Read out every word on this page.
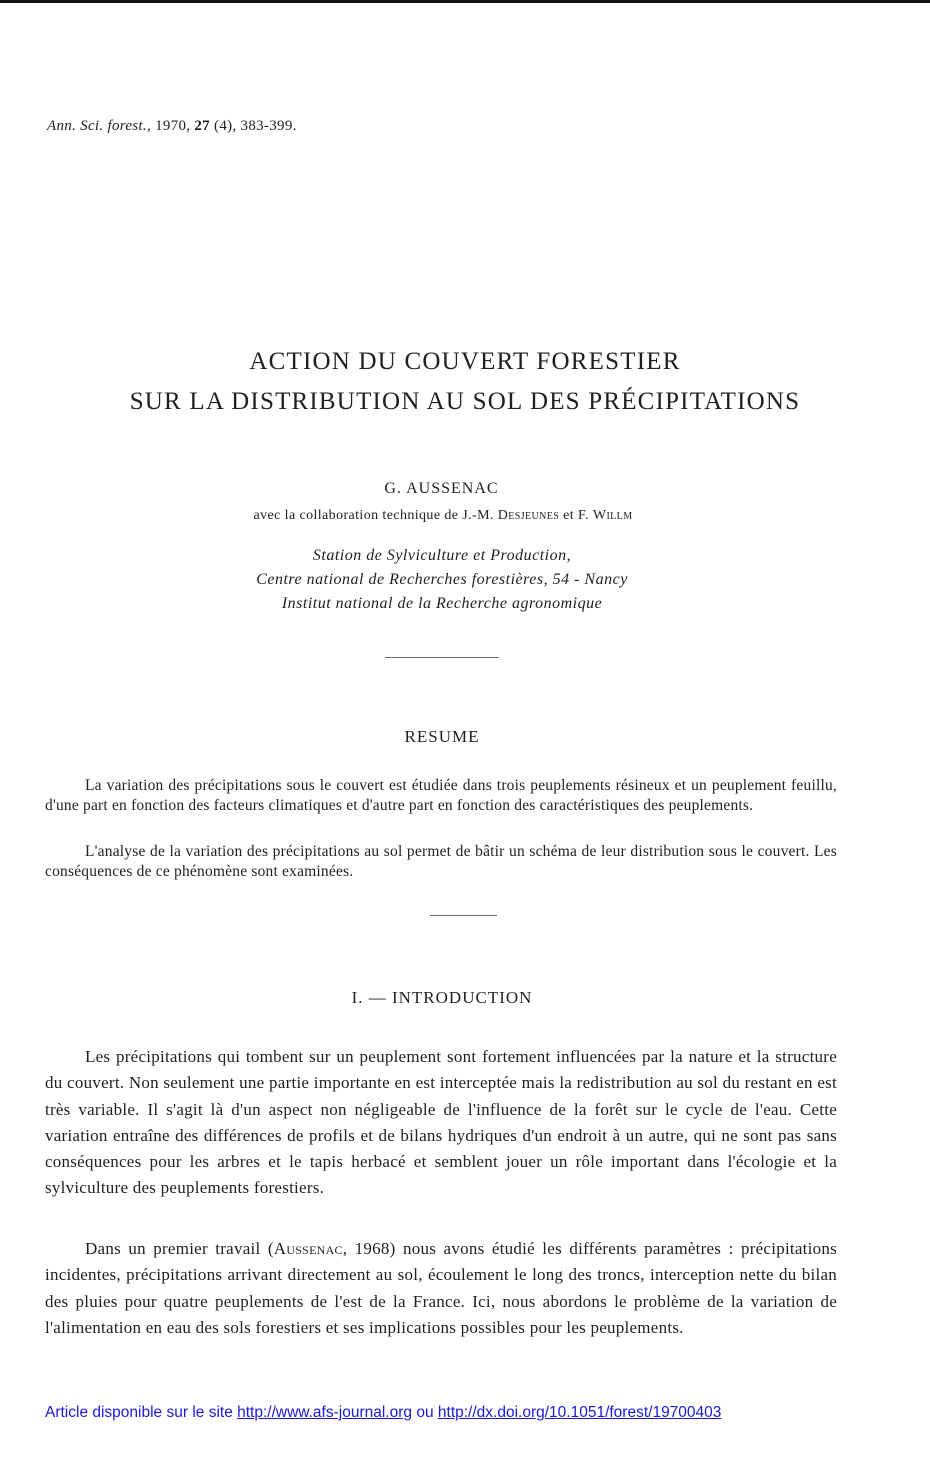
Ann. Sci. forest., 1970, 27 (4), 383-399.
ACTION DU COUVERT FORESTIER
SUR LA DISTRIBUTION AU SOL DES PRÉCIPITATIONS
G. AUSSENAC
avec la collaboration technique de J.-M. Desjeunes et F. Willm
Station de Sylviculture et Production,
Centre national de Recherches forestières, 54 - Nancy
Institut national de la Recherche agronomique
RESUME
La variation des précipitations sous le couvert est étudiée dans trois peuplements résineux et un peuplement feuillu, d'une part en fonction des facteurs climatiques et d'autre part en fonction des caractéristiques des peuplements.
L'analyse de la variation des précipitations au sol permet de bâtir un schéma de leur distribution sous le couvert. Les conséquences de ce phénomène sont examinées.
I. — INTRODUCTION
Les précipitations qui tombent sur un peuplement sont fortement influencées par la nature et la structure du couvert. Non seulement une partie importante en est interceptée mais la redistribution au sol du restant en est très variable. Il s'agit là d'un aspect non négligeable de l'influence de la forêt sur le cycle de l'eau. Cette variation entraîne des différences de profils et de bilans hydriques d'un endroit à un autre, qui ne sont pas sans conséquences pour les arbres et le tapis herbacé et semblent jouer un rôle important dans l'écologie et la sylviculture des peuplements forestiers.
Dans un premier travail (Aussenac, 1968) nous avons étudié les différents paramètres : précipitations incidentes, précipitations arrivant directement au sol, écoulement le long des troncs, interception nette du bilan des pluies pour quatre peuplements de l'est de la France. Ici, nous abordons le problème de la variation de l'alimentation en eau des sols forestiers et ses implications possibles pour les peuplements.
Article disponible sur le site http://www.afs-journal.org ou http://dx.doi.org/10.1051/forest/19700403
